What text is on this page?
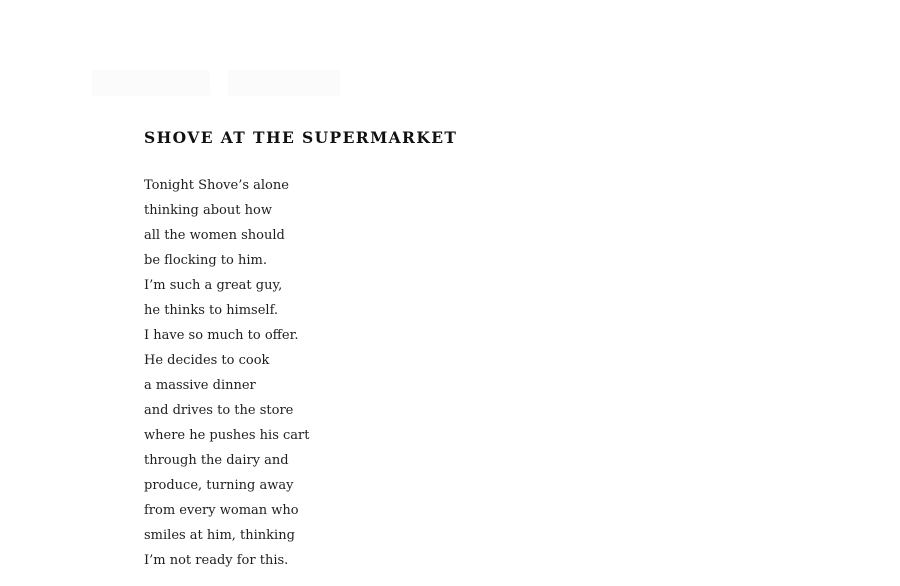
SHOVE AT THE SUPERMARKET
Tonight Shove’s alone
thinking about how
all the women should
be flocking to him.
I’m such a great guy,
he thinks to himself.
I have so much to offer.
He decides to cook
a massive dinner
and drives to the store
where he pushes his cart
through the dairy and
produce, turning away
from every woman who
smiles at him, thinking
I’m not ready for this.
